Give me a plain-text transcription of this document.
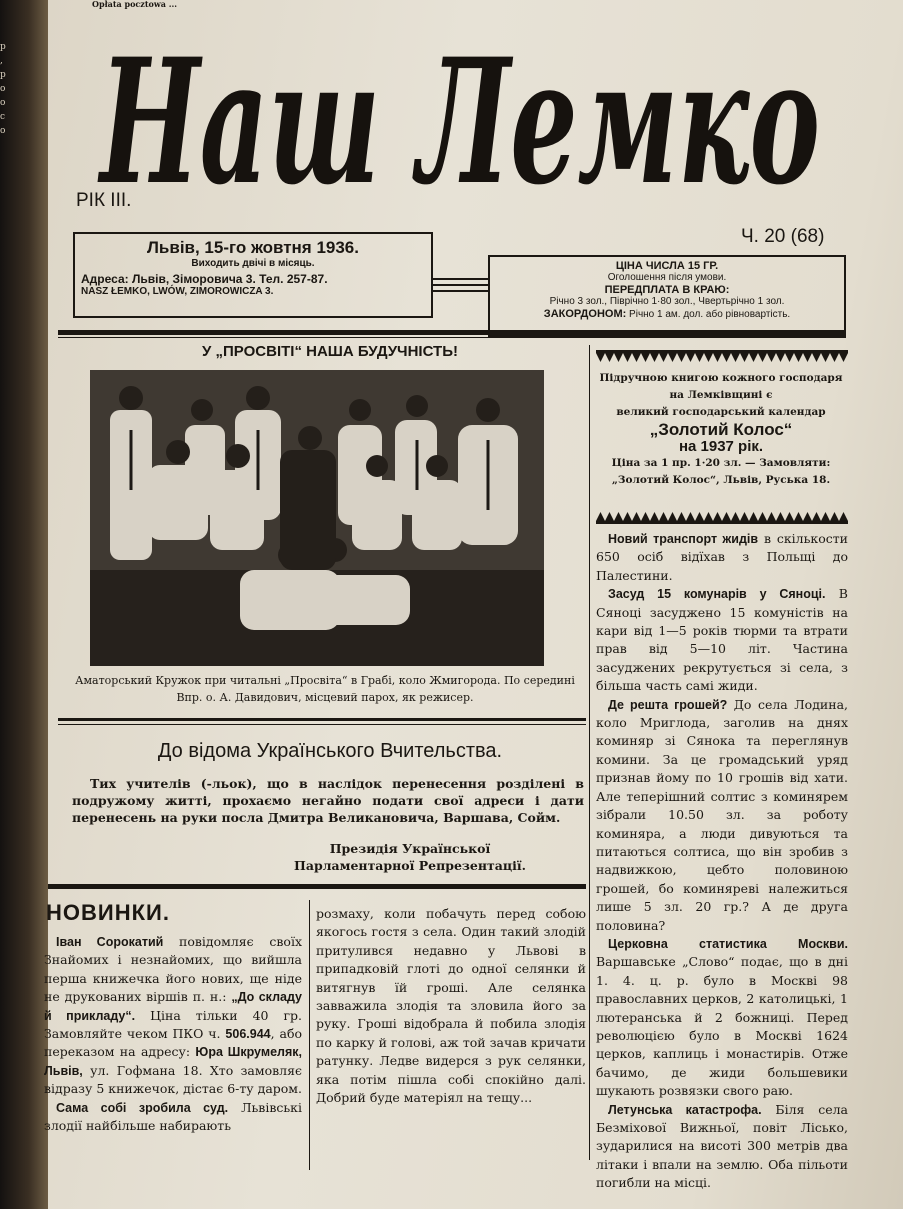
р
,
р
о
о
с
о
Opłata pocztowa ...
Наш Лемко
РІК III.
Ч. 20 (68)
Львів, 15-го жовтня 1936.
Виходить двічі в місяць.
Адреса: Львів, Зіморовича 3. Тел. 257-87.
NASZ ŁEMKO, LWÓW, ZIMOROWICZA 3.
ЦІНА ЧИСЛА 15 ГР.
Оголошення після умови.
ПЕРЕДПЛАТА В КРАЮ:
Річно 3 зол., Піврічно 1·80 зол., Чвертьрічно 1 зол.
ЗАКОРДОНОМ: Річно 1 ам. дол. або рівновартість.
У „ПРОСВІТІ“ НАША БУДУЧНІСТЬ!
Аматорський Кружок при читальні „Просвіта“ в Грабі, коло Жмигорода. По середині Впр. о. А. Давидович, місцевий парох, як режисер.
До відома Українського Вчительства.
Тих учителів (-льок), що в наслідок перенесення розділені в подружому житті, прохаємо негайно подати свої адреси і дати перенесень на руки посла Дмитра Великановича, Варшава, Сойм.
Президія Української Парламентарної Репрезентації.
НОВИНКИ.

Іван Сорокатий повідомляє своїх Знайомих і незнайомих, що вийшла перша книжечка його нових, ще ніде не друкованих віршів п. н.: „До складу й прикладу“. Ціна тільки 40 гр. Замовляйте чеком ПКО ч. 506.944, або переказом на адресу: Юра Шкрумеляк, Львів, ул. Гофмана 18. Хто замовляє відразу 5 книжечок, дістає 6-ту даром.

Сама собі зробила суд. Львівські злодії найбільше набирають

розмаху, коли побачуть перед собою якогось гостя з села. Один такий злодій притулився недавно у Львові в припадковій глоті до одної селянки й витягнув їй гроші. Але селянка завважила злодія та зловила його за руку. Гроші відобрала й побила злодія по карку й голові, аж той зачав кричати ратунку. Ледве видерся з рук селянки, яка потім пішла собі спокійно далі. Добрий буде матеріял на тещу...

Підручною книгою кожного господаря на Лемківщині є
великий господарський календар
„Золотий Колос“
на 1937 рік.
Ціна за 1 пр. 1·20 зл. — Замовляти:
„Золотий Колос“, Львів, Руська 18.

Новий транспорт жидів в скількости 650 осіб відїхав з Польщі до Палестини.

Засуд 15 комунарів у Сяноці. В Сяноці засуджено 15 комуністів на кари від 1—5 років тюрми та втрати прав від 5—10 літ. Частина засуджених рекрутується зі села, з більша часть самі жиди.

Де решта грошей? До села Лодина, коло Мриглода, заголив на днях коминяр зі Сянока та переглянув комини. За це громадський уряд признав йому по 10 грошів від хати. Але теперішний солтис з коминярем зібрали 10.50 зл. за роботу коминяра, а люди дивуються та питаються солтиса, що він зробив з надвижкою, цебто половиною грошей, бо коминяреві належиться лише 5 зл. 20 гр.? А де друга половина?

Церковна статистика Москви. Варшавське „Слово“ подає, що в дні 1. 4. ц. р. було в Москві 98 православних церков, 2 католицькі, 1 лютеранська й 2 божниці. Перед революцією було в Москві 1624 церков, каплиць і монастирів. Отже бачимо, де жиди большевики шукають розвязки свого раю.

Летунська катастрофа. Біля села Безміхової Вижньої, повіт Лісько, зударилися на висоті 300 метрів два літаки і впали на землю. Оба пільоти погибли на місці.
